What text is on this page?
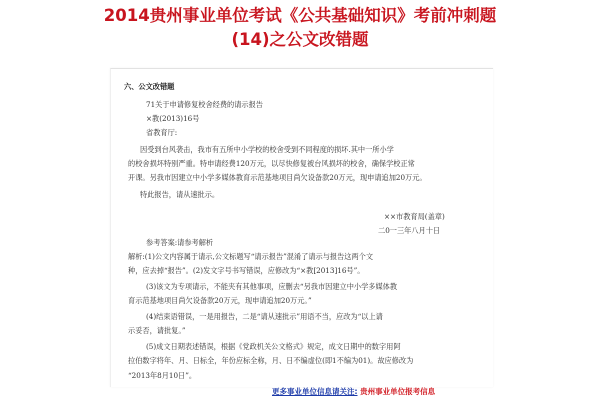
2014贵州事业单位考试《公共基础知识》考前冲刺题
(14)之公文改错题
六、公文改错题
71关于申请修复校舍经费的请示报告
×教(2013)16号
省教育厅:
因受到台风袭击，我市有五所中小学校的校舍受到不同程度的损坏.其中一所小学
的校舍损坏特别严重。特申请经费120万元，以尽快修复被台风损坏的校舍，确保学校正常
开课。另我市因建立中小学多媒体教育示范基地项目尚欠设备款20万元，现申请追加20万元。
特此报告，请从速批示。
××市教育局(盖章)
二0一三年八月十日
参考答案:请参考解析
解析:(1)公文内容属于请示,公文标题写“请示报告”混淆了请示与报告这两个文
种，应去掉“报告”。(2)发文字号书写错误，应修改为“×教[2013]16号”。
(3)该文为专项请示，不能夹有其他事项，应删去“另我市因建立中小学多媒体教
育示范基地项目尚欠设备款20万元，现申请追加20万元。”
(4)结束语错误，一是用报告，二是“请从速批示”用语不当，应改为“以上请
示妥否，请批复。”
(5)成文日期表述错误，根据《党政机关公文格式》规定，成文日期中的数字用阿
拉伯数字将年、月、日标全，年份应标全称，月、日不编虚位(即1不编为01)。故应修改为
“2013年8月10日”。
更多事业单位信息请关注: 贵州事业单位报考信息
